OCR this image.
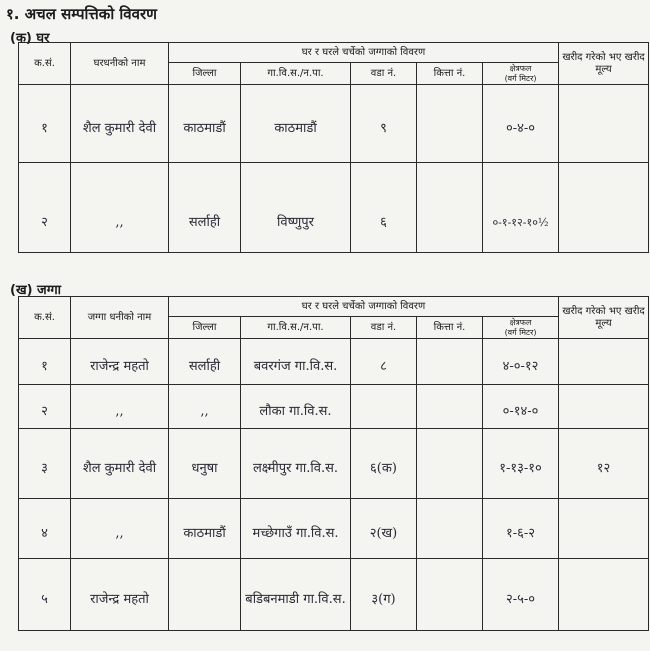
१. अचल सम्पत्तिको विवरण
(क) घर
क.सं.	घरधनीको नाम	घर र घरले चर्चेको जग्गाको विवरण					खरीद गरेको भए खरीद मूल्य
		जिल्ला	गा.वि.स./न.पा.	वडा नं.	कित्ता नं.	क्षेत्रफल
(वर्ग मिटर)	

१	शैल कुमारी देवी	काठमाडौं	काठमाडौं	९		०-४-०	
२	,,	सर्लाही	विष्णुपुर	६		०-१-१२-१०½	
(ख) जग्गा
क.सं.	जग्गा धनीको नाम	घर र घरले चर्चेको जग्गाको विवरण					खरीद गरेको भए खरीद मूल्य
		जिल्ला	गा.वि.स./न.पा.	वडा नं.	कित्ता नं.	क्षेत्रफल
(वर्ग मिटर)	

१	राजेन्द्र महतो	सर्लाही	बवरगंज गा.वि.स.	८		४-०-१२	
२	,,	,,	लौका गा.वि.स.			०-१४-०	
३	शैल कुमारी देवी	धनुषा	लक्ष्मीपुर गा.वि.स.	६(क)		१-१३-१०	१२
४	,,	काठमाडौं	मच्छेगाउँ गा.वि.स.	२(ख)		१-६-२	
५	राजेन्द्र महतो		बडिबनमाडी गा.वि.स.	३(ग)		२-५-०	
